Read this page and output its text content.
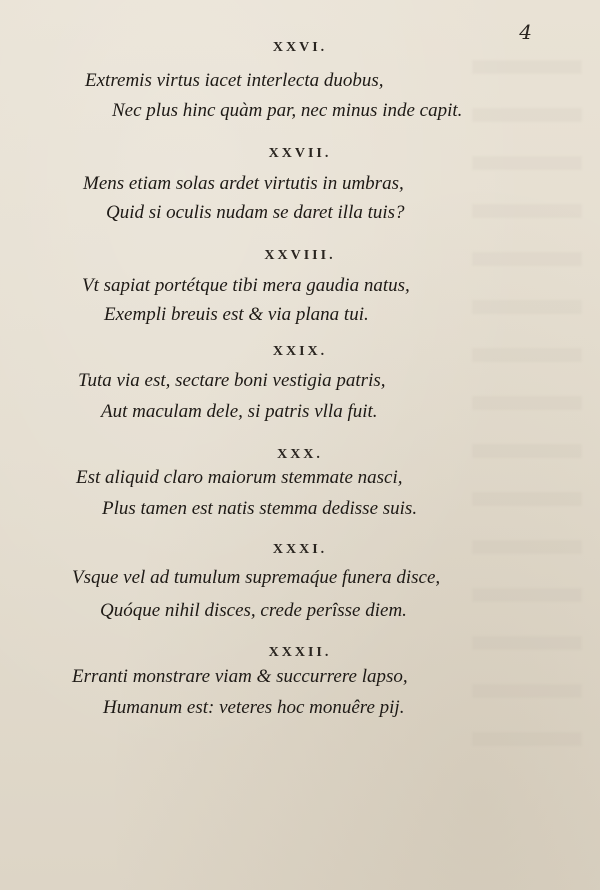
4
XXVI.
Extremis virtus iacet interlecta duobus,
Nec plus hinc quàm par, nec minus inde capit.
XXVII.
Mens etiam solas ardet virtutis in umbras,
Quid si oculis nudam se daret illa tuis?
XXVIII.
Vt sapiat portétque tibi mera gaudia natus,
Exempli breuis est & via plana tui.
XXIX.
Tuta via est, sectare boni vestigia patris,
Aut maculam dele, si patris vlla fuit.
XXX.
Est aliquid claro maiorum stemmate nasci,
Plus tamen est natis stemma dedisse suis.
XXXI.
Vsque vel ad tumulum supremaq́ue funera disce,
Quóque nihil disces, crede perîsse diem.
XXXII.
Erranti monstrare viam & succurrere lapso,
Humanum est: veteres hoc monuêre pij.
